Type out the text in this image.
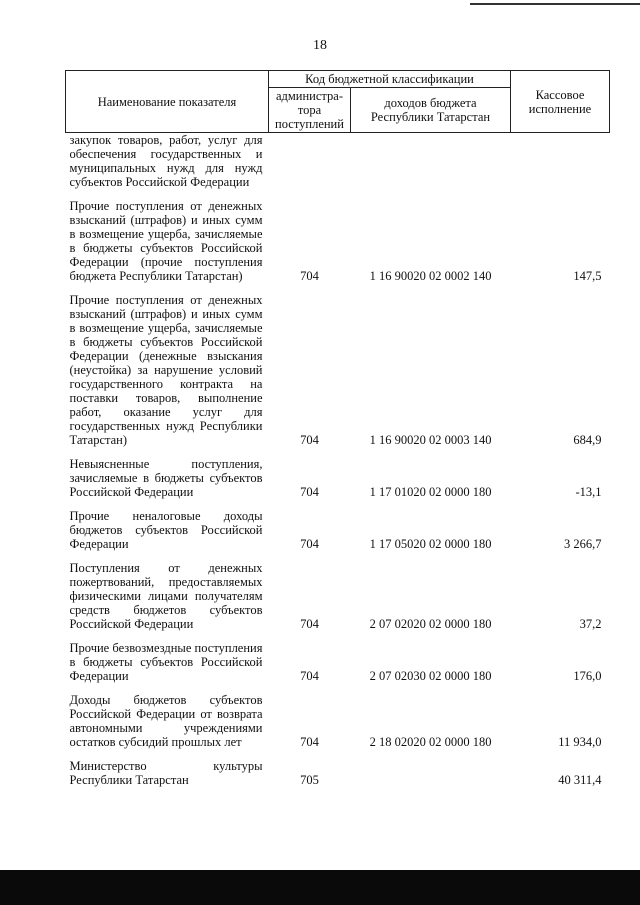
18
Наименование показателя	Код бюджетной классификации		Кассовое исполнение
	администра-тора поступлений	доходов бюджета Республики Татарстан	
закупок товаров, работ, услуг для обеспечения государственных и муниципальных нужд для нужд субъектов Российской Федерации			
Прочие поступления от денежных взысканий (штрафов) и иных сумм в возмещение ущерба, зачисляемые в бюджеты субъектов Российской Федерации (прочие поступления бюджета Республики Татарстан)	704	1 16 90020 02 0002 140	147,5
Прочие поступления от денежных взысканий (штрафов) и иных сумм в возмещение ущерба, зачисляемые в бюджеты субъектов Российской Федерации (денежные взыскания (неустойка) за нарушение условий государственного контракта на поставки товаров, выполнение работ, оказание услуг для государственных нужд Республики Татарстан)	704	1 16 90020 02 0003 140	684,9
Невыясненные поступления, зачисляемые в бюджеты субъектов Российской Федерации	704	1 17 01020 02 0000 180	-13,1
Прочие неналоговые доходы бюджетов субъектов Российской Федерации	704	1 17 05020 02 0000 180	3 266,7
Поступления от денежных пожертвований, предоставляемых физическими лицами получателям средств бюджетов субъектов Российской Федерации	704	2 07 02020 02 0000 180	37,2
Прочие безвозмездные поступления в бюджеты субъектов Российской Федерации	704	2 07 02030 02 0000 180	176,0
Доходы бюджетов субъектов Российской Федерации от возврата автономными учреждениями остатков субсидий прошлых лет	704	2 18 02020 02 0000 180	11 934,0
Министерство культуры Республики Татарстан	705		40 311,4
